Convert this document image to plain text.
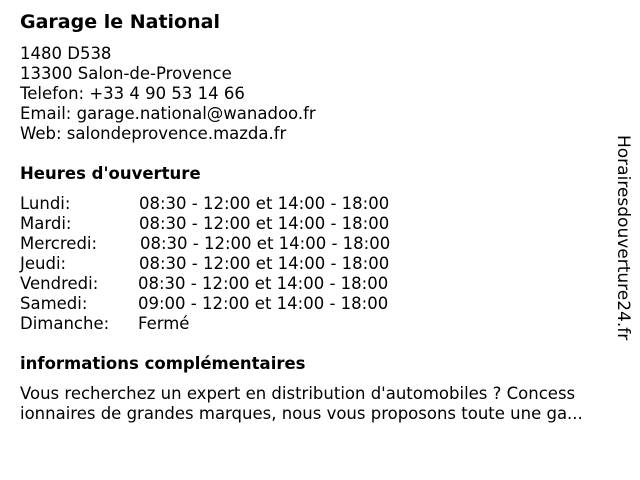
Garage le National
1480 D538
13300 Salon-de-Provence
Telefon: +33 4 90 53 14 66
Email: garage.national@wanadoo.fr
Web: salondeprovence.mazda.fr
Heures d'ouverture
Lundi:	08:30 - 12:00 et 14:00 - 18:00
Mardi:	08:30 - 12:00 et 14:00 - 18:00
Mercredi:	08:30 - 12:00 et 14:00 - 18:00
Jeudi:	08:30 - 12:00 et 14:00 - 18:00
Vendredi: 08:30 - 12:00 et 14:00 - 18:00
Samedi:	09:00 - 12:00 et 14:00 - 18:00
Dimanche: Fermé
informations complémentaires
Vous recherchez un expert en distribution d'automobiles ? Concess
ionnaires de grandes marques, nous vous proposons toute une ga...
Horairesdouverture24.fr
